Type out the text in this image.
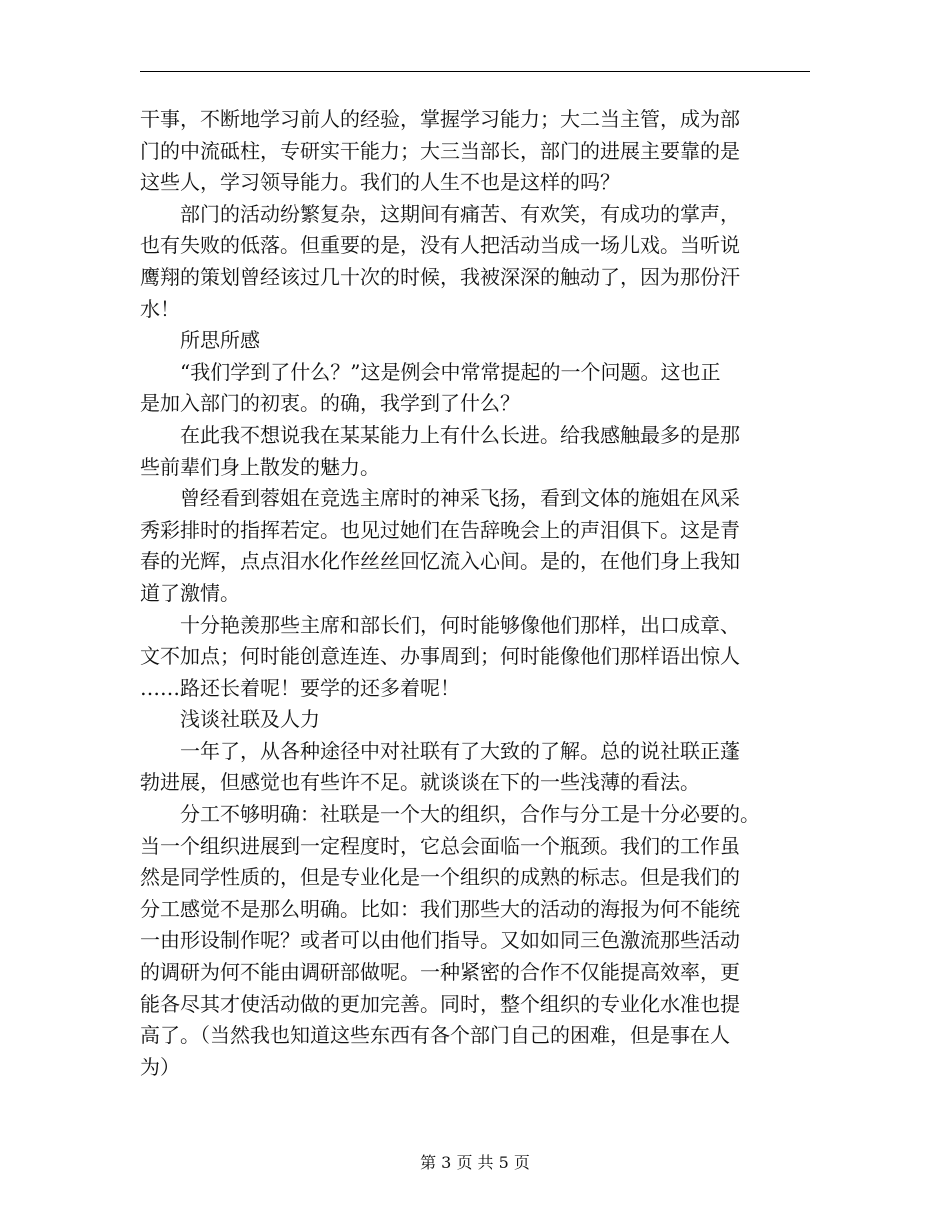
干事，不断地学习前人的经验，掌握学习能力；大二当主管，成为部
门的中流砥柱，专研实干能力；大三当部长，部门的进展主要靠的是
这些人，学习领导能力。我们的人生不也是这样的吗？
　　部门的活动纷繁复杂，这期间有痛苦、有欢笑，有成功的掌声，
也有失败的低落。但重要的是，没有人把活动当成一场儿戏。当听说
鹰翔的策划曾经该过几十次的时候，我被深深的触动了，因为那份汗
水！
　　所思所感
　　“我们学到了什么？”这是例会中常常提起的一个问题。这也正
是加入部门的初衷。的确，我学到了什么？
　　在此我不想说我在某某能力上有什么长进。给我感触最多的是那
些前辈们身上散发的魅力。
　　曾经看到蓉姐在竞选主席时的神采飞扬，看到文体的施姐在风采
秀彩排时的指挥若定。也见过她们在告辞晚会上的声泪俱下。这是青
春的光辉，点点泪水化作丝丝回忆流入心间。是的，在他们身上我知
道了激情。
　　十分艳羡那些主席和部长们，何时能够像他们那样，出口成章、
文不加点；何时能创意连连、办事周到；何时能像他们那样语出惊人
……路还长着呢！要学的还多着呢！
　　浅谈社联及人力
　　一年了，从各种途径中对社联有了大致的了解。总的说社联正蓬
勃进展，但感觉也有些许不足。就谈谈在下的一些浅薄的看法。
　　分工不够明确：社联是一个大的组织，合作与分工是十分必要的。
当一个组织进展到一定程度时，它总会面临一个瓶颈。我们的工作虽
然是同学性质的，但是专业化是一个组织的成熟的标志。但是我们的
分工感觉不是那么明确。比如：我们那些大的活动的海报为何不能统
一由形设制作呢？或者可以由他们指导。又如如同三色激流那些活动
的调研为何不能由调研部做呢。一种紧密的合作不仅能提高效率，更
能各尽其才使活动做的更加完善。同时，整个组织的专业化水准也提
高了。（当然我也知道这些东西有各个部门自己的困难，但是事在人
为）
第 3 页 共 5 页
